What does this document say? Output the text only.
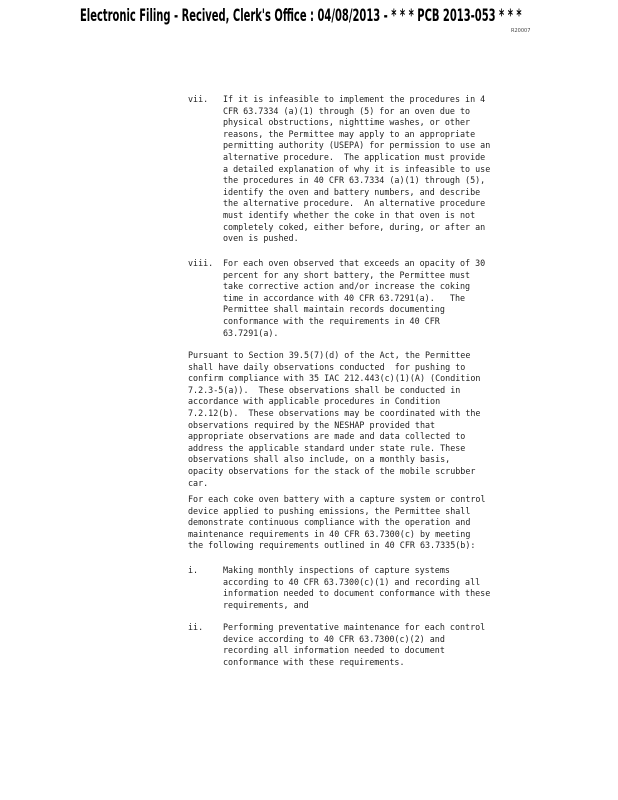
Electronic Filing - Recived, Clerk's Office : 04/08/2013 - * * * PCB 2013-053 * * *
R20007
vii. If it is infeasible to implement the procedures in 4
CFR 63.7334 (a)(1) through (5) for an oven due to
physical obstructions, nighttime washes, or other
reasons, the Permittee may apply to an appropriate
permitting authority (USEPA) for permission to use an
alternative procedure.  The application must provide
a detailed explanation of why it is infeasible to use
the procedures in 40 CFR 63.7334 (a)(1) through (5),
identify the oven and battery numbers, and describe
the alternative procedure.  An alternative procedure
must identify whether the coke in that oven is not
completely coked, either before, during, or after an
oven is pushed.
viii. For each oven observed that exceeds an opacity of 30
percent for any short battery, the Permittee must
take corrective action and/or increase the coking
time in accordance with 40 CFR 63.7291(a).   The
Permittee shall maintain records documenting
conformance with the requirements in 40 CFR
63.7291(a).
Pursuant to Section 39.5(7)(d) of the Act, the Permittee
shall have daily observations conducted  for pushing to
confirm compliance with 35 IAC 212.443(c)(1)(A) (Condition
7.2.3-5(a)).  These observations shall be conducted in
accordance with applicable procedures in Condition
7.2.12(b).  These observations may be coordinated with the
observations required by the NESHAP provided that
appropriate observations are made and data collected to
address the applicable standard under state rule. These
observations shall also include, on a monthly basis,
opacity observations for the stack of the mobile scrubber
car.
For each coke oven battery with a capture system or control
device applied to pushing emissions, the Permittee shall
demonstrate continuous compliance with the operation and
maintenance requirements in 40 CFR 63.7300(c) by meeting
the following requirements outlined in 40 CFR 63.7335(b):
i.	Making monthly inspections of capture systems
according to 40 CFR 63.7300(c)(1) and recording all
information needed to document conformance with these
requirements, and
ii. Performing preventative maintenance for each control
device according to 40 CFR 63.7300(c)(2) and
recording all information needed to document
conformance with these requirements.
